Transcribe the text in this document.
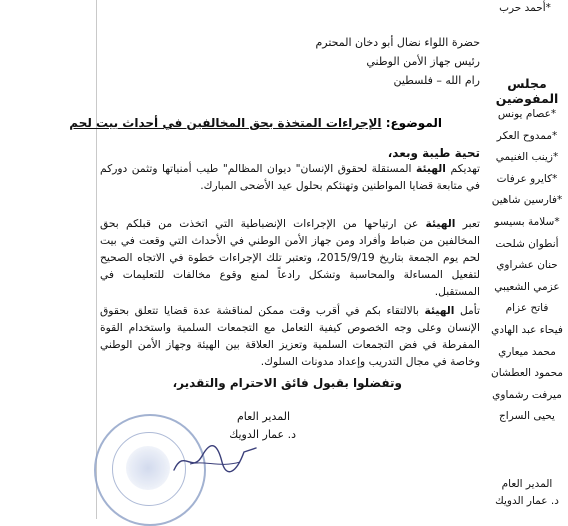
*أحمد حرب
مجلس المفوضين
*عصام يونس
*ممدوح العكر
*زينب الغنيمي
*كايرو عرفات
*فارسين شاهين
*سلامة بسيسو
أنطوان شلحت
حنان عشراوي
عزمي الشعيبي
فاتح عزام
فيحاء عبد الهادي
محمد ميعاري
محمود العطشان
ميرفت رشماوي
يحيى السراج
المدير العام
د. عمار الدويك
حضرة اللواء نضال أبو دخان المحترم
رئيس جهاز الأمن الوطني
رام الله – فلسطين
الموضوع: الإجراءات المتخذة بحق المخالفين في أحداث بيت لحم
تحية طيبة وبعد،

تهديكم الهيئة المستقلة لحقوق الإنسان" ديوان المظالم" طيب أمنياتها وتثمن دوركم في متابعة قضايا المواطنين وتهنئكم بحلول عيد الأضحى المبارك.

تعبر الهيئة عن ارتياحها من الإجراءات الإنضباطية التي اتخذت من قبلكم بحق المخالفين من ضباط وأفراد ومن جهاز الأمن الوطني في الأحداث التي وقعت في بيت لحم يوم الجمعة بتاريخ 2015/9/19، وتعتبر تلك الإجراءات خطوة في الاتجاه الصحيح لتفعيل المساءلة والمحاسبة وتشكل رادعاً لمنع وقوع مخالفات للتعليمات في المستقبل.

تأمل الهيئة بالالتقاء بكم في أقرب وقت ممكن لمناقشة عدة قضايا تتعلق بحقوق الإنسان وعلى وجه الخصوص كيفية التعامل مع التجمعات السلمية واستخدام القوة المفرطة في فض التجمعات السلمية وتعزيز العلاقة بين الهيئة وجهاز الأمن الوطني وخاصة في مجال التدريب وإعداد مدونات السلوك.

وتفضلوا بقبول فائق الاحترام والتقدير،
المدير العام
د. عمار الدويك
